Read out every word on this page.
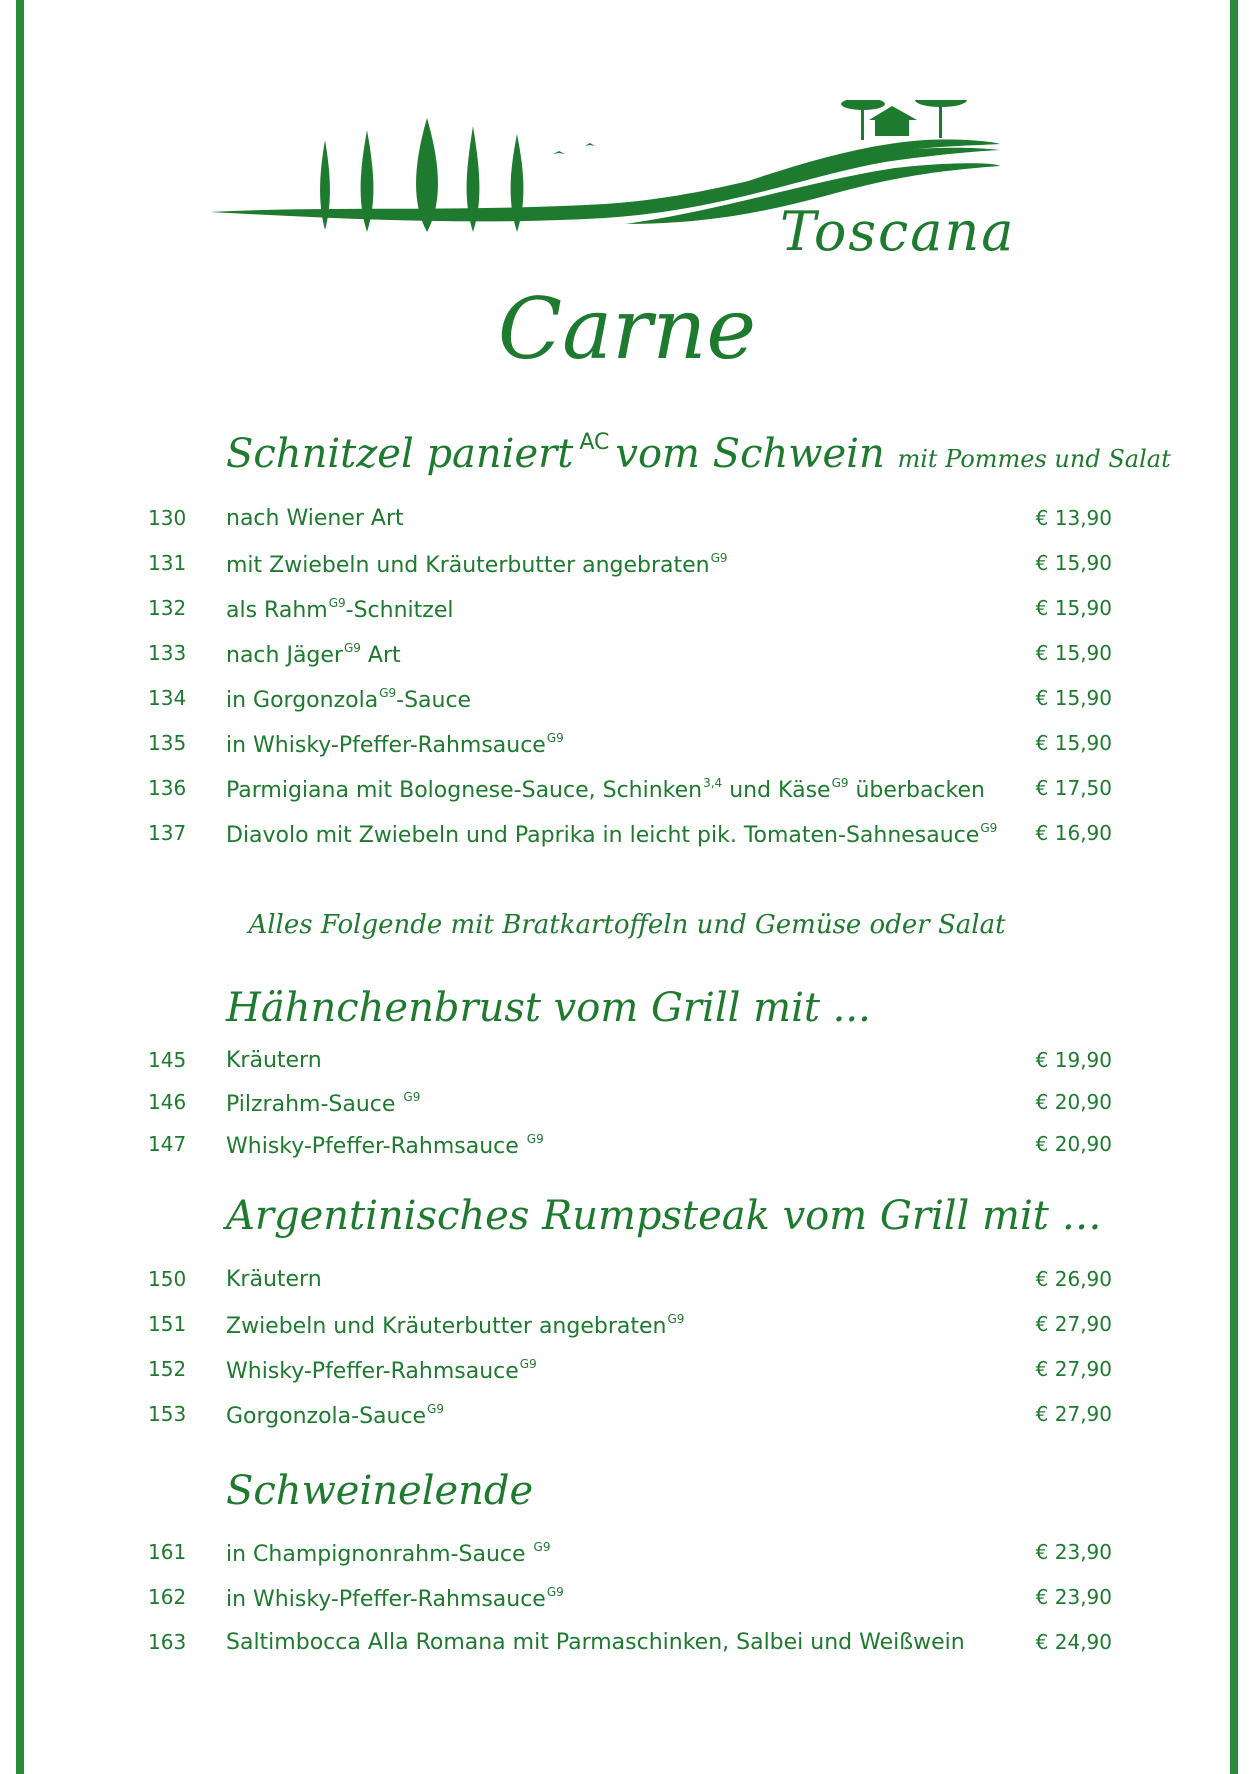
Toscana
Carne
Schnitzel paniert $^{AC}$ vom Schwein mit Pommes und Salat
130	nach Wiener Art	€ 13,90
131	mit Zwiebeln und Kräuterbutter angebraten$^{G9}$	€ 15,90
132	als Rahm$^{G9}$-Schnitzel	€ 15,90
133	nach Jäger$^{G9}$ Art	€ 15,90
134	in Gorgonzola$^{G9}$-Sauce	€ 15,90
135	in Whisky-Pfeffer-Rahmsauce$^{G9}$	€ 15,90
136	Parmigiana mit Bolognese-Sauce, Schinken$^{3,4}$ und Käse$^{G9}$ überbacken	€ 17,50
137	Diavolo mit Zwiebeln und Paprika in leicht pik. Tomaten-Sahnesauce$^{G9}$ € 16,90
Alles Folgende mit Bratkartoffeln und Gemüse oder Salat
Hähnchenbrust vom Grill mit ...
145	Kräutern	€ 19,90
146	Pilzrahm-Sauce $^{G9}$	€ 20,90
147	Whisky-Pfeffer-Rahmsauce $^{G9}$	€ 20,90
Argentinisches Rumpsteak vom Grill mit …
150	Kräutern	€ 26,90
151	Zwiebeln und Kräuterbutter angebraten$^{G9}$	€ 27,90
152	Whisky-Pfeffer-Rahmsauce$^{G9}$	€ 27,90
153	Gorgonzola-Sauce$^{G9}$	€ 27,90
Schweinelende
161	in Champignonrahm-Sauce $^{G9}$	€ 23,90
162	in Whisky-Pfeffer-Rahmsauce$^{G9}$	€ 23,90
163	Saltimbocca Alla Romana mit Parmaschinken, Salbei und Weißwein	€ 24,90
